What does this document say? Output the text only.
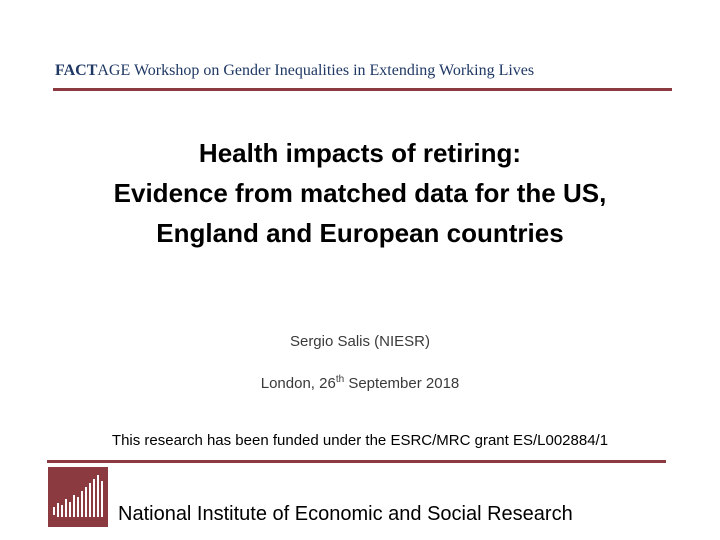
FACTAGE Workshop on Gender Inequalities in Extending Working Lives
Health impacts of retiring:
Evidence from matched data for the US,
England and European countries
Sergio Salis (NIESR)
London, 26th September 2018
This research has been funded under the ESRC/MRC grant ES/L002884/1
National Institute of Economic and Social Research
